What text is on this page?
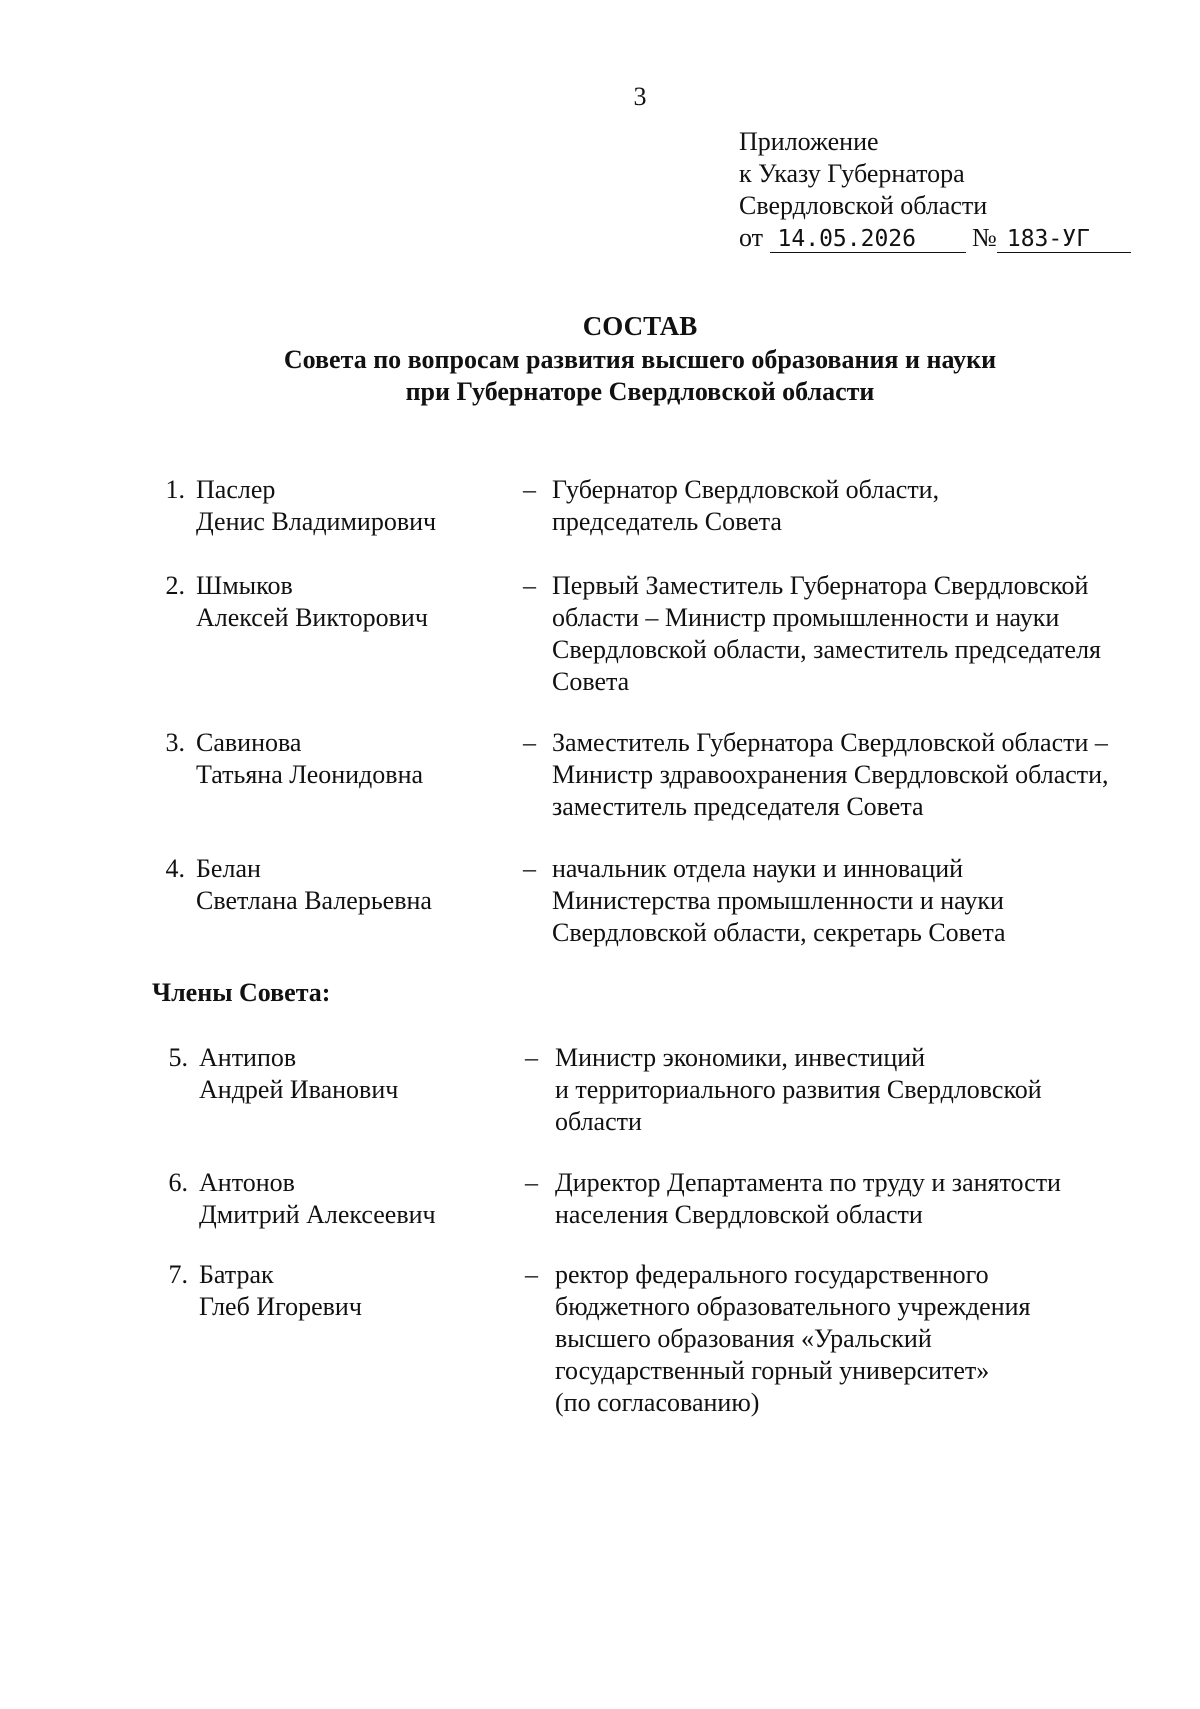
3
Приложение
к Указу Губернатора
Свердловской области
от 14.05.2026 № 183-УГ
СОСТАВ
Совета по вопросам развития высшего образования и науки
при Губернаторе Свердловской области
1. Паслер
Денис Владимирович
– Губернатор Свердловской области,
председатель Совета
2. Шмыков
Алексей Викторович
– Первый Заместитель Губернатора Свердловской
области – Министр промышленности и науки
Свердловской области, заместитель председателя
Совета
3. Савинова
Татьяна Леонидовна
– Заместитель Губернатора Свердловской области –
Министр здравоохранения Свердловской области,
заместитель председателя Совета
4. Белан
Светлана Валерьевна
– начальник отдела науки и инноваций
Министерства промышленности и науки
Свердловской области, секретарь Совета
Члены Совета:
5. Антипов
Андрей Иванович
– Министр экономики, инвестиций
и территориального развития Свердловской
области
6. Антонов
Дмитрий Алексеевич
– Директор Департамента по труду и занятости
населения Свердловской области
7. Батрак
Глеб Игоревич
– ректор федерального государственного
бюджетного образовательного учреждения
высшего образования «Уральский
государственный горный университет»
(по согласованию)
